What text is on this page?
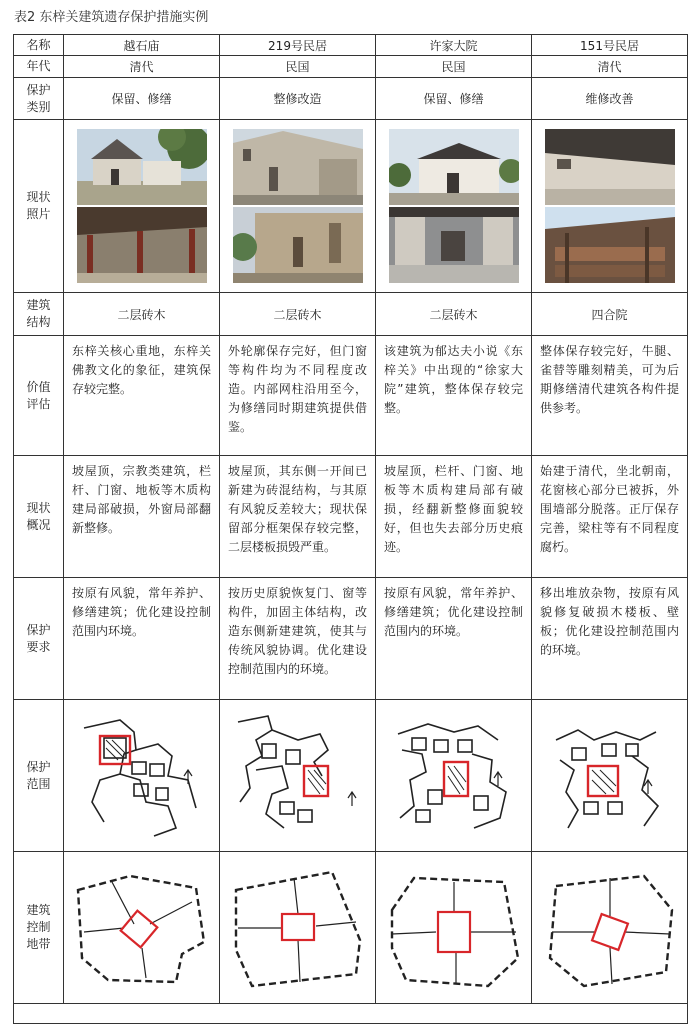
表2 东梓关建筑遗存保护措施实例
名称	越石庙	219号民居	许家大院	151号民居
年代	清代	民国	民国	清代
保护
类别	保留、修缮	整修改造	保留、修缮	维修改善
现状
照片	

建筑
结构	二层砖木	二层砖木	二层砖木	四合院
价值
评估	东梓关核心重地，东梓关佛教文化的象征，建筑保存较完整。	外轮廓保存完好，但门窗等构件均为不同程度改造。内部网柱沿用至今，为修缮同时期建筑提供借鉴。	该建筑为郁达夫小说《东梓关》中出现的“徐家大院”建筑，整体保存较完整。	整体保存较完好，牛腿、雀替等雕刻精美，可为后期修缮清代建筑各构件提供参考。
现状
概况	坡屋顶，宗教类建筑，栏杆、门窗、地板等木质构建局部破损，外窗局部翻新整修。	坡屋顶，其东侧一开间已新建为砖混结构，与其原有风貌反差较大；现状保留部分框架保存较完整，二层楼板损毁严重。	坡屋顶，栏杆、门窗、地板等木质构建局部有破损，经翻新整修面貌较好，但也失去部分历史痕迹。	始建于清代，坐北朝南，花窗核心部分已被拆，外围墙部分脱落。正厅保存完善，梁柱等有不同程度腐朽。
保护
要求	按原有风貌，常年养护、修缮建筑；优化建设控制范围内环境。	按历史原貌恢复门、窗等构件，加固主体结构，改造东侧新建建筑，使其与传统风貌协调。优化建设控制范围内的环境。	按原有风貌，常年养护、修缮建筑；优化建设控制范围内的环境。	移出堆放杂物，按原有风貌修复破损木楼板、壁板；优化建设控制范围内的环境。
保护
范围	

建筑
控制
地带	
